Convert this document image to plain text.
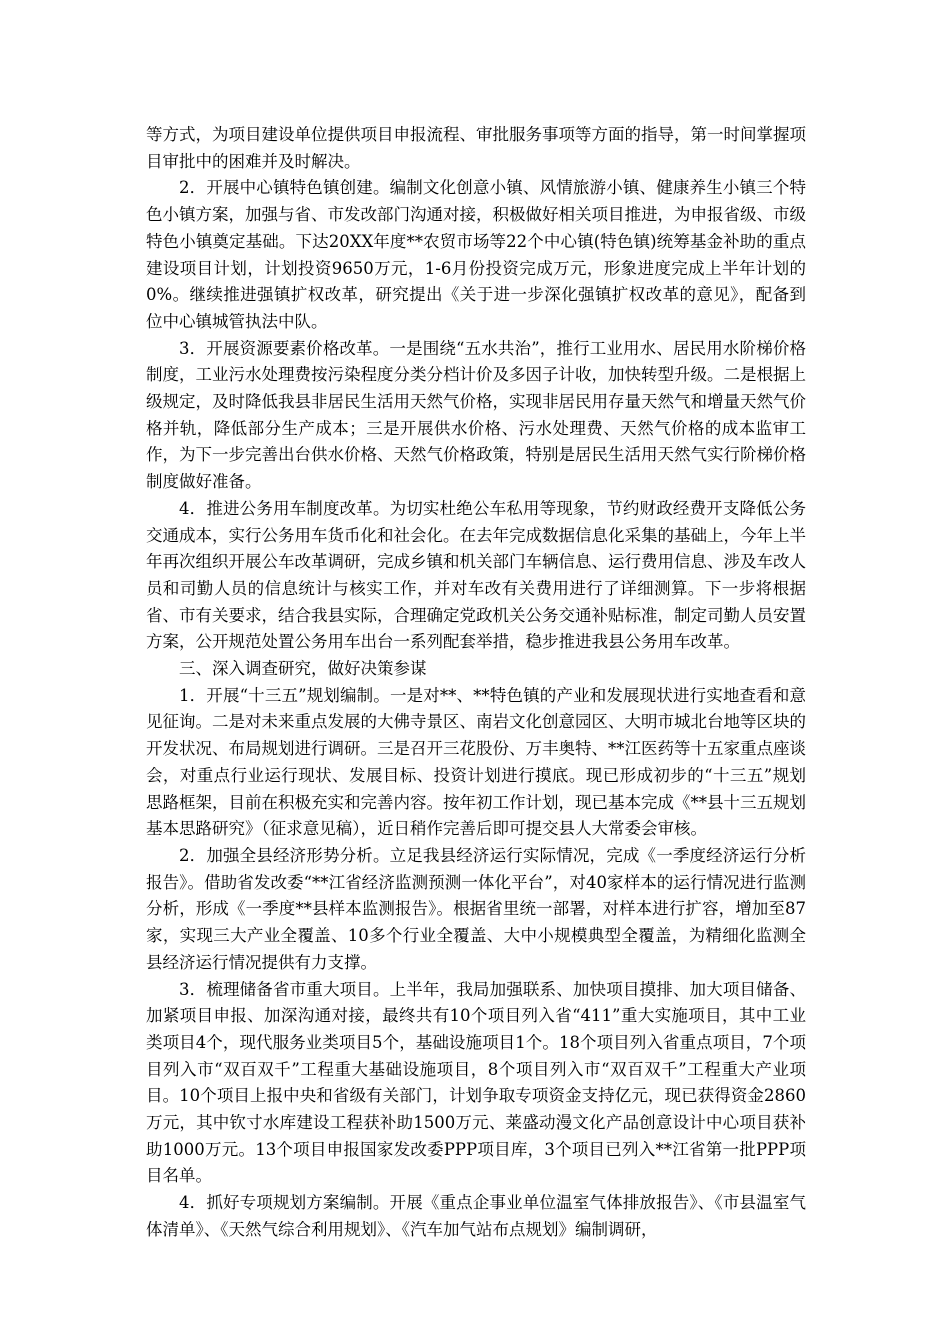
等方式，为项目建设单位提供项目申报流程、审批服务事项等方面的指导，第一时间掌握项目审批中的困难并及时解决。

2．开展中心镇特色镇创建。编制文化创意小镇、风情旅游小镇、健康养生小镇三个特色小镇方案，加强与省、市发改部门沟通对接，积极做好相关项目推进，为申报省级、市级特色小镇奠定基础。下达20XX年度**农贸市场等22个中心镇(特色镇)统筹基金补助的重点建设项目计划，计划投资9650万元，1-6月份投资完成万元，形象进度完成上半年计划的0%。继续推进强镇扩权改革，研究提出《关于进一步深化强镇扩权改革的意见》，配备到位中心镇城管执法中队。

3．开展资源要素价格改革。一是围绕“五水共治”，推行工业用水、居民用水阶梯价格制度，工业污水处理费按污染程度分类分档计价及多因子计收，加快转型升级。二是根据上级规定，及时降低我县非居民生活用天然气价格，实现非居民用存量天然气和增量天然气价格并轨，降低部分生产成本；三是开展供水价格、污水处理费、天然气价格的成本监审工作，为下一步完善出台供水价格、天然气价格政策，特别是居民生活用天然气实行阶梯价格制度做好准备。

4．推进公务用车制度改革。为切实杜绝公车私用等现象，节约财政经费开支降低公务交通成本，实行公务用车货币化和社会化。在去年完成数据信息化采集的基础上，今年上半年再次组织开展公车改革调研，完成乡镇和机关部门车辆信息、运行费用信息、涉及车改人员和司勤人员的信息统计与核实工作，并对车改有关费用进行了详细测算。下一步将根据省、市有关要求，结合我县实际，合理确定党政机关公务交通补贴标准，制定司勤人员安置方案，公开规范处置公务用车出台一系列配套举措，稳步推进我县公务用车改革。

三、深入调查研究，做好决策参谋

1．开展“十三五”规划编制。一是对**、**特色镇的产业和发展现状进行实地查看和意见征询。二是对未来重点发展的大佛寺景区、南岩文化创意园区、大明市城北台地等区块的开发状况、布局规划进行调研。三是召开三花股份、万丰奥特、**江医药等十五家重点座谈会，对重点行业运行现状、发展目标、投资计划进行摸底。现已形成初步的“十三五”规划思路框架，目前在积极充实和完善内容。按年初工作计划，现已基本完成《**县十三五规划基本思路研究》（征求意见稿），近日稍作完善后即可提交县人大常委会审核。

2．加强全县经济形势分析。立足我县经济运行实际情况，完成《一季度经济运行分析报告》。借助省发改委“**江省经济监测预测一体化平台”，对40家样本的运行情况进行监测分析，形成《一季度**县样本监测报告》。根据省里统一部署，对样本进行扩容，增加至87家，实现三大产业全覆盖、10多个行业全覆盖、大中小规模典型全覆盖，为精细化监测全县经济运行情况提供有力支撑。

3．梳理储备省市重大项目。上半年，我局加强联系、加快项目摸排、加大项目储备、加紧项目申报、加深沟通对接，最终共有10个项目列入省“411”重大实施项目，其中工业类项目4个，现代服务业类项目5个，基础设施项目1个。18个项目列入省重点项目，7个项目列入市“双百双千”工程重大基础设施项目，8个项目列入市“双百双千”工程重大产业项目。10个项目上报中央和省级有关部门，计划争取专项资金支持亿元，现已获得资金2860万元，其中钦寸水库建设工程获补助1500万元、莱盛动漫文化产品创意设计中心项目获补助1000万元。13个项目申报国家发改委PPP项目库，3个项目已列入**江省第一批PPP项目名单。

4．抓好专项规划方案编制。开展《重点企事业单位温室气体排放报告》、《市县温室气体清单》、《天然气综合利用规划》、《汽车加气站布点规划》编制调研，
